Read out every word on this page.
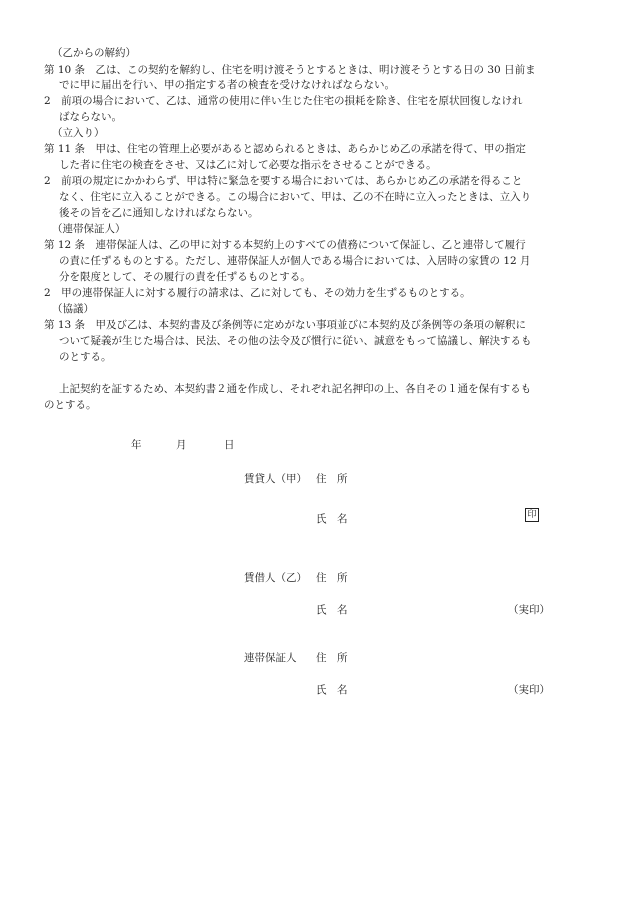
（乙からの解約）
第 10 条　乙は、この契約を解約し、住宅を明け渡そうとするときは、明け渡そうとする日の 30 日前ま
でに甲に届出を行い、甲の指定する者の検査を受けなければならない。
2　前項の場合において、乙は、通常の使用に伴い生じた住宅の損耗を除き、住宅を原状回復しなけれ
ばならない。
（立入り）
第 11 条　甲は、住宅の管理上必要があると認められるときは、あらかじめ乙の承諾を得て、甲の指定
した者に住宅の検査をさせ、又は乙に対して必要な指示をさせることができる。
2　前項の規定にかかわらず、甲は特に緊急を要する場合においては、あらかじめ乙の承諾を得ること
なく、住宅に立入ることができる。この場合において、甲は、乙の不在時に立入ったときは、立入り
後その旨を乙に通知しなければならない。
（連帯保証人）
第 12 条　連帯保証人は、乙の甲に対する本契約上のすべての債務について保証し、乙と連帯して履行
の責に任ずるものとする。ただし、連帯保証人が個人である場合においては、入居時の家賃の 12 月
分を限度として、その履行の責を任ずるものとする。
2　甲の連帯保証人に対する履行の請求は、乙に対しても、その効力を生ずるものとする。
（協議）
第 13 条　甲及び乙は、本契約書及び条例等に定めがない事項並びに本契約及び条例等の条項の解釈に
ついて疑義が生じた場合は、民法、その他の法令及び慣行に従い、誠意をもって協議し、解決するも
のとする。
上記契約を証するため、本契約書２通を作成し、それぞれ記名押印の上、各自その１通を保有するも
のとする。
年	月	日
賃貸人（甲） 住　所
氏　名	印
賃借人（乙） 住　所
氏　名	（実印）
連帯保証人 住　所
氏　名	（実印）
